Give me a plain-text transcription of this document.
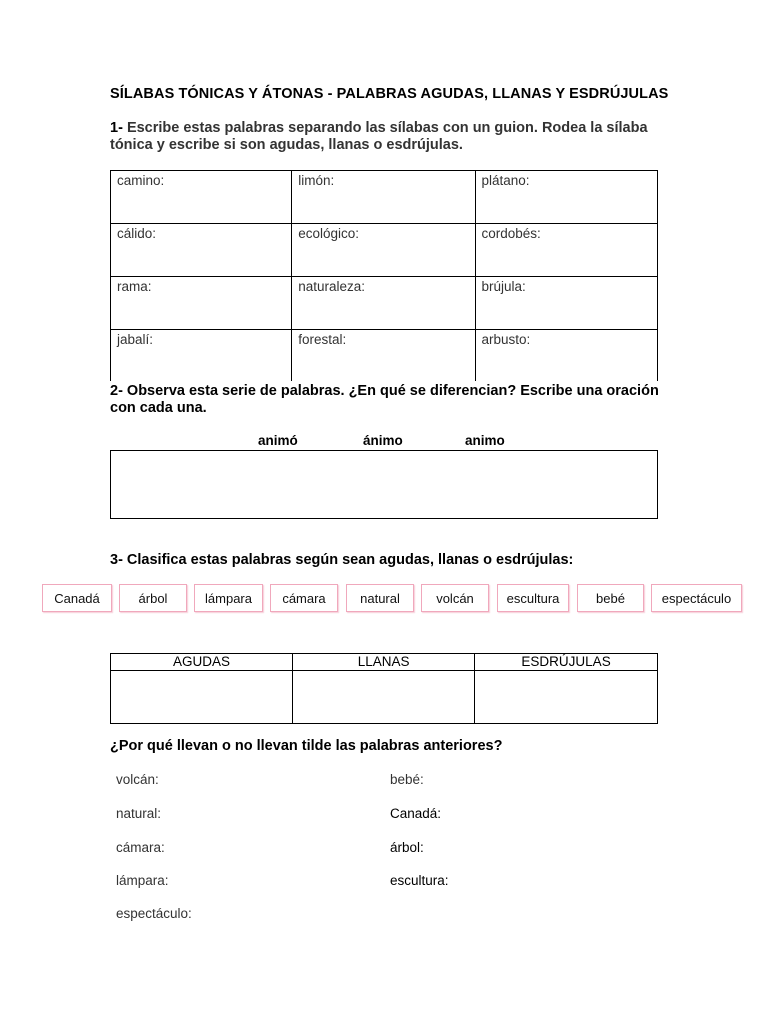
SÍLABAS TÓNICAS Y ÁTONAS - PALABRAS AGUDAS, LLANAS Y ESDRÚJULAS
1- Escribe estas palabras separando las sílabas con un guion. Rodea la sílaba tónica y escribe si son agudas, llanas o esdrújulas.
camino:	limón:	plátano:
cálido:	ecológico:	cordobés:
rama:	naturaleza:	brújula:
jabalí:	forestal:	arbusto:
2- Observa esta serie de palabras. ¿En qué se diferencian? Escribe una oración con cada una.
animó	ánimo	animo
3- Clasifica estas palabras según sean agudas, llanas o esdrújulas:
Canadá	árbol	lámpara	cámara	natural	volcán	escultura	bebé	espectáculo
AGUDAS	LLANAS	ESDRÚJULAS

¿Por qué llevan o no llevan tilde las palabras anteriores?
volcán:
natural:
cámara:
lámpara:
espectáculo:
bebé:
Canadá:
árbol:
escultura:
